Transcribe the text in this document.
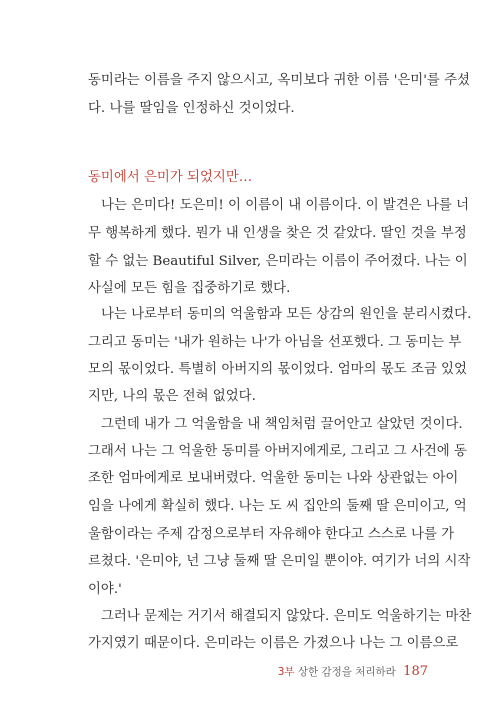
동미라는 이름을 주지 않으시고, 옥미보다 귀한 이름 '은미'를 주셨
다. 나를 딸임을 인정하신 것이었다.
동미에서 은미가 되었지만…
나는 은미다! 도은미! 이 이름이 내 이름이다. 이 발견은 나를 너
무 행복하게 했다. 뭔가 내 인생을 찾은 것 같았다. 딸인 것을 부정
할 수 없는 Beautiful Silver, 은미라는 이름이 주어졌다. 나는 이
사실에 모든 힘을 집중하기로 했다.
나는 나로부터 동미의 억울함과 모든 상감의 원인을 분리시켰다.
그리고 동미는 '내가 원하는 나'가 아님을 선포했다. 그 동미는 부
모의 몫이었다. 특별히 아버지의 몫이었다. 엄마의 몫도 조금 있었
지만, 나의 몫은 전혀 없었다.
그런데 내가 그 억울함을 내 책임처럼 끌어안고 살았던 것이다.
그래서 나는 그 억울한 동미를 아버지에게로, 그리고 그 사건에 동
조한 엄마에게로 보내버렸다. 억울한 동미는 나와 상관없는 아이
임을 나에게 확실히 했다. 나는 도 씨 집안의 둘째 딸 은미이고, 억
울함이라는 주제 감정으로부터 자유해야 한다고 스스로 나를 가
르쳤다. '은미야, 넌 그냥 둘째 딸 은미일 뿐이야. 여기가 너의 시작
이야.'
그러나 문제는 거기서 해결되지 않았다. 은미도 억울하기는 마찬
가지였기 때문이다. 은미라는 이름은 가졌으나 나는 그 이름으로
3부 상한 감정을 처리하라 187
